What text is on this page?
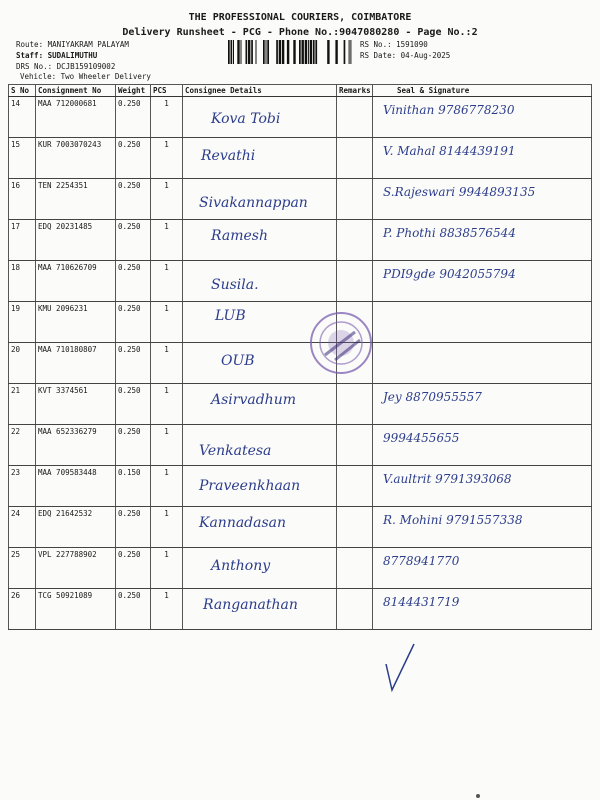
THE PROFESSIONAL COURIERS, COIMBATORE
Delivery Runsheet - PCG - Phone No.:9047080280 - Page No.:2
Route: MANIYAKRAM PALAYAM
Staff: SUDALIMUTHU
DRS No.: DCJB159109002
Vehicle: Two Wheeler Delivery
RS No.: 1591090
RS Date: 04-Aug-2025
S No	Consignment No	Weight	PCS	Consignee Details	Remarks	Seal & Signature
14	MAA 712000681	0.250	1	Kova Tobi		Vinithan 9786778230

15	KUR 7003070243	0.250	1	Revathi		V. Mahal 8144439191

16	TEN 2254351	0.250	1	Sivakannappan		S.Rajeswari 9944893135

17	EDQ 20231485	0.250	1	Ramesh		P. Phothi 8838576544

18	MAA 710626709	0.250	1	Susila.		PDI9gde 9042055794

19	KMU 2096231	0.250	1	LUB		

20	MAA 710180807	0.250	1	OUB		

21	KVT 3374561	0.250	1	Asirvadhum		Jey 8870955557

22	MAA 652336279	0.250	1	Venkatesa		9994455655

23	MAA 709583448	0.150	1	Praveenkhaan		V.aultrit 9791393068

24	EDQ 21642532	0.250	1	Kannadasan		R. Mohini 9791557338

25	VPL 227788902	0.250	1	Anthony		8778941770

26	TCG 50921089	0.250	1	Ranganathan		8144431719
